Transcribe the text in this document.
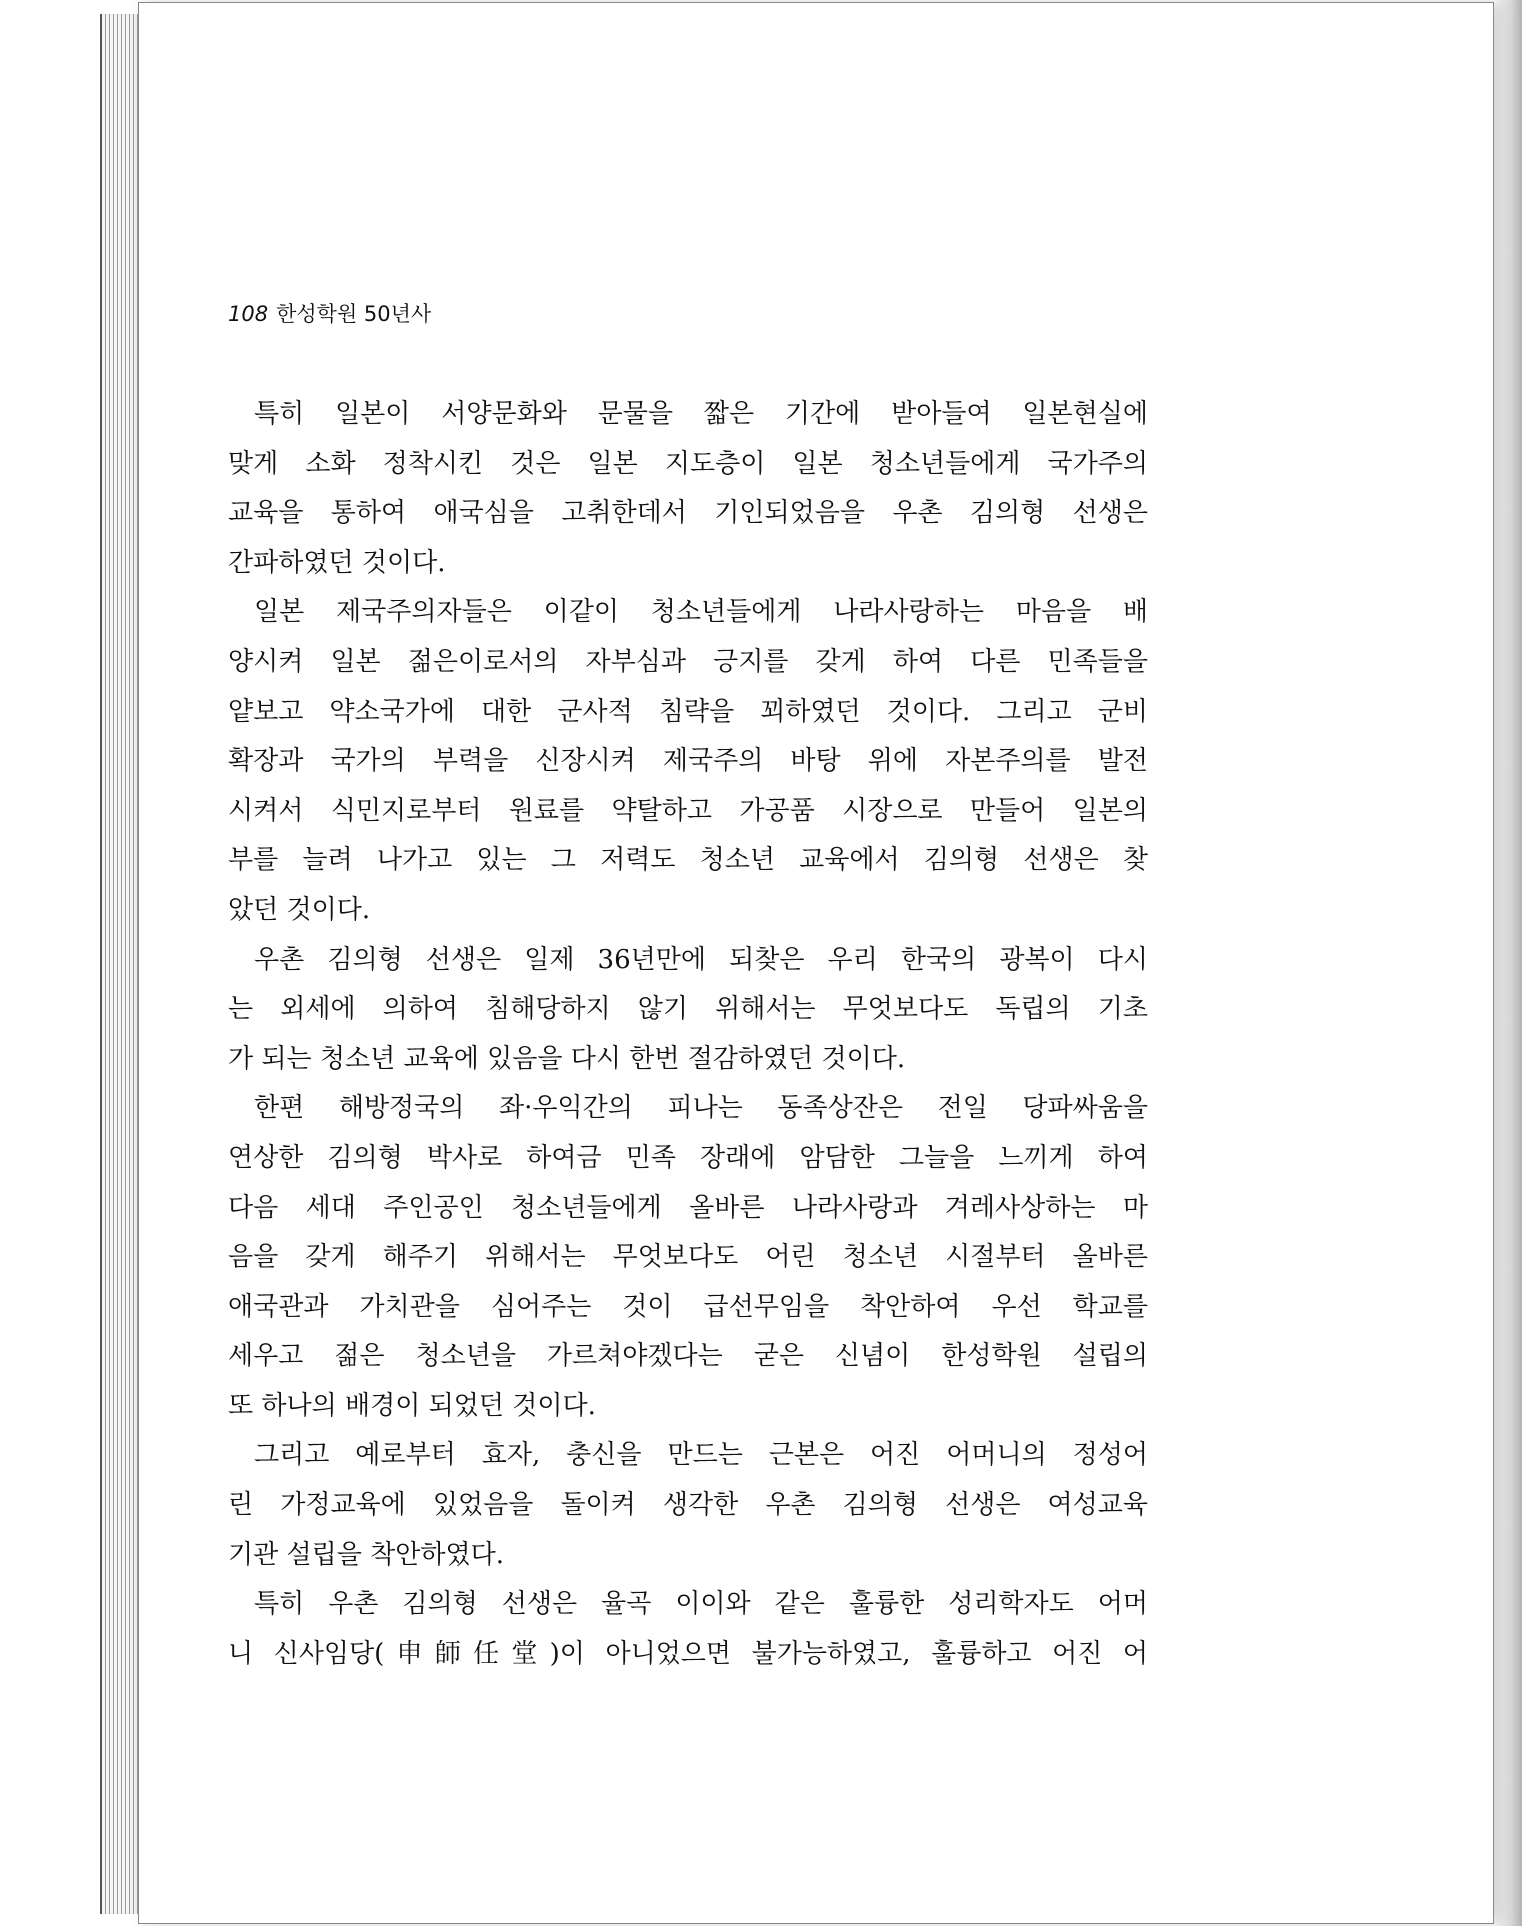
108 한성학원 50년사
특히 일본이 서양문화와 문물을 짧은 기간에 받아들여 일본현실에
맞게 소화 정착시킨 것은 일본 지도층이 일본 청소년들에게 국가주의
교육을 통하여 애국심을 고취한데서 기인되었음을 우촌 김의형 선생은
간파하였던 것이다.
일본 제국주의자들은 이같이 청소년들에게 나라사랑하는 마음을 배
양시켜 일본 젊은이로서의 자부심과 긍지를 갖게 하여 다른 민족들을
얕보고 약소국가에 대한 군사적 침략을 꾀하였던 것이다. 그리고 군비
확장과 국가의 부력을 신장시켜 제국주의 바탕 위에 자본주의를 발전
시켜서 식민지로부터 원료를 약탈하고 가공품 시장으로 만들어 일본의
부를 늘려 나가고 있는 그 저력도 청소년 교육에서 김의형 선생은 찾
았던 것이다.
우촌 김의형 선생은 일제 36년만에 되찾은 우리 한국의 광복이 다시
는 외세에 의하여 침해당하지 않기 위해서는 무엇보다도 독립의 기초
가 되는 청소년 교육에 있음을 다시 한번 절감하였던 것이다.
한편 해방정국의 좌·우익간의 피나는 동족상잔은 전일 당파싸움을
연상한 김의형 박사로 하여금 민족 장래에 암담한 그늘을 느끼게 하여
다음 세대 주인공인 청소년들에게 올바른 나라사랑과 겨레사상하는 마
음을 갖게 해주기 위해서는 무엇보다도 어린 청소년 시절부터 올바른
애국관과 가치관을 심어주는 것이 급선무임을 착안하여 우선 학교를
세우고 젊은 청소년을 가르쳐야겠다는 굳은 신념이 한성학원 설립의
또 하나의 배경이 되었던 것이다.
그리고 예로부터 효자, 충신을 만드는 근본은 어진 어머니의 정성어
린 가정교육에 있었음을 돌이켜 생각한 우촌 김의형 선생은 여성교육
기관 설립을 착안하였다.
특히 우촌 김의형 선생은 율곡 이이와 같은 훌륭한 성리학자도 어머
니 신사임당(申師任堂)이 아니었으면 불가능하였고, 훌륭하고 어진 어
